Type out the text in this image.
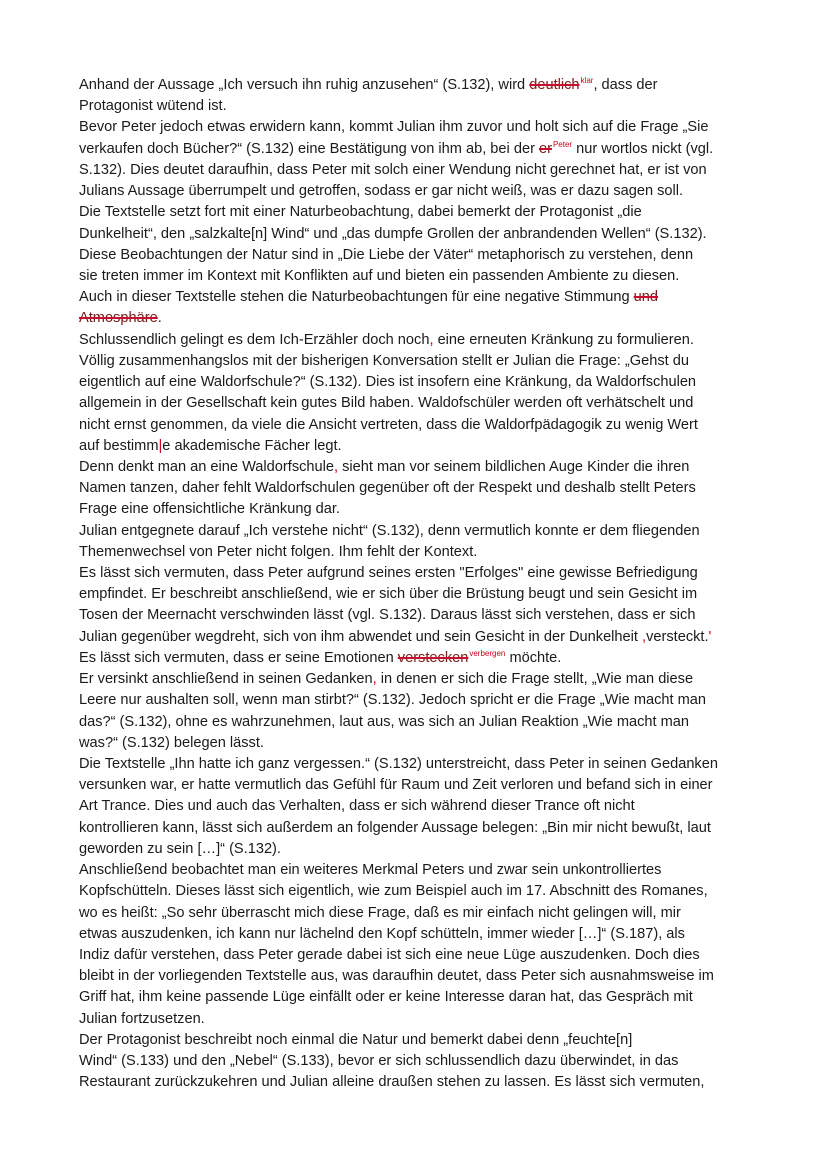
Anhand der Aussage „Ich versuch ihn ruhig anzusehen“ (S.132), wird deutlichklar, dass der
Protagonist wütend ist.
Bevor Peter jedoch etwas erwidern kann, kommt Julian ihm zuvor und holt sich auf die Frage „Sie
verkaufen doch Bücher?“ (S.132) eine Bestätigung von ihm ab, bei der erPeter nur wortlos nickt (vgl.
S.132). Dies deutet daraufhin, dass Peter mit solch einer Wendung nicht gerechnet hat, er ist von
Julians Aussage überrumpelt und getroffen, sodass er gar nicht weiß, was er dazu sagen soll.
Die Textstelle setzt fort mit einer Naturbeobachtung, dabei bemerkt der Protagonist „die
Dunkelheit“, den „salzkalte[n] Wind“ und „das dumpfe Grollen der anbrandenden Wellen“ (S.132).
Diese Beobachtungen der Natur sind in „Die Liebe der Väter“ metaphorisch zu verstehen, denn
sie treten immer im Kontext mit Konflikten auf und bieten ein passenden Ambiente zu diesen.
Auch in dieser Textstelle stehen die Naturbeobachtungen für eine negative Stimmung und
Atmosphäre.
Schlussendlich gelingt es dem Ich-Erzähler doch noch, eine erneuten Kränkung zu formulieren.
Völlig zusammenhangslos mit der bisherigen Konversation stellt er Julian die Frage: „Gehst du
eigentlich auf eine Waldorfschule?“ (S.132). Dies ist insofern eine Kränkung, da Waldorfschulen
allgemein in der Gesellschaft kein gutes Bild haben. Waldofschüler werden oft verhätschelt und
nicht ernst genommen, da viele die Ansicht vertreten, dass die Waldorfpädagogik zu wenig Wert
auf bestimm|e akademische Fächer legt.
Denn denkt man an eine Waldorfschule, sieht man vor seinem bildlichen Auge Kinder die ihren
Namen tanzen, daher fehlt Waldorfschulen gegenüber oft der Respekt und deshalb stellt Peters
Frage eine offensichtliche Kränkung dar.
Julian entgegnete darauf „Ich verstehe nicht“ (S.132), denn vermutlich konnte er dem fliegenden
Themenwechsel von Peter nicht folgen. Ihm fehlt der Kontext.
Es lässt sich vermuten, dass Peter aufgrund seines ersten "Erfolges" eine gewisse Befriedigung
empfindet. Er beschreibt anschließend, wie er sich über die Brüstung beugt und sein Gesicht im
Tosen der Meernacht verschwinden lässt (vgl. S.132). Daraus lässt sich verstehen, dass er sich
Julian gegenüber wegdreht, sich von ihm abwendet und sein Gesicht in der Dunkelheit ,versteckt.'
Es lässt sich vermuten, dass er seine Emotionen versteckenverbergen möchte.
Er versinkt anschließend in seinen Gedanken, in denen er sich die Frage stellt, „Wie man diese
Leere nur aushalten soll, wenn man stirbt?“ (S.132). Jedoch spricht er die Frage „Wie macht man
das?“ (S.132), ohne es wahrzunehmen, laut aus, was sich an Julian Reaktion „Wie macht man
was?“ (S.132) belegen lässt.
Die Textstelle „Ihn hatte ich ganz vergessen.“ (S.132) unterstreicht, dass Peter in seinen Gedanken
versunken war, er hatte vermutlich das Gefühl für Raum und Zeit verloren und befand sich in einer
Art Trance. Dies und auch das Verhalten, dass er sich während dieser Trance oft nicht
kontrollieren kann, lässt sich außerdem an folgender Aussage belegen: „Bin mir nicht bewußt, laut
geworden zu sein […]“ (S.132).
Anschließend beobachtet man ein weiteres Merkmal Peters und zwar sein unkontrolliertes
Kopfschütteln. Dieses lässt sich eigentlich, wie zum Beispiel auch im 17. Abschnitt des Romanes,
wo es heißt: „So sehr überrascht mich diese Frage, daß es mir einfach nicht gelingen will, mir
etwas auszudenken, ich kann nur lächelnd den Kopf schütteln, immer wieder […]“ (S.187), als
Indiz dafür verstehen, dass Peter gerade dabei ist sich eine neue Lüge auszudenken. Doch dies
bleibt in der vorliegenden Textstelle aus, was daraufhin deutet, dass Peter sich ausnahmsweise im
Griff hat, ihm keine passende Lüge einfällt oder er keine Interesse daran hat, das Gespräch mit
Julian fortzusetzen.
Der Protagonist beschreibt noch einmal die Natur und bemerkt dabei denn „feuchte[n]
Wind“ (S.133) und den „Nebel“ (S.133), bevor er sich schlussendlich dazu überwindet, in das
Restaurant zurückzukehren und Julian alleine draußen stehen zu lassen. Es lässt sich vermuten,
